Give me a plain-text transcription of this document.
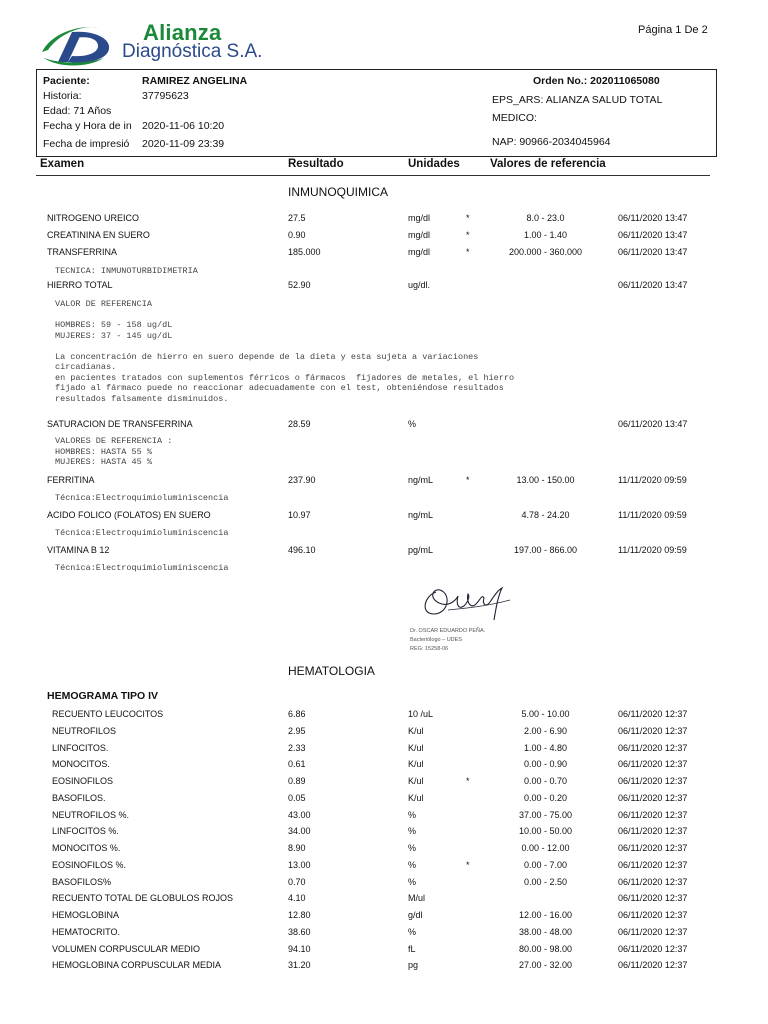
Alianza
Diagnóstica S.A.
Página 1 De 2
Paciente:	RAMIREZ ANGELINA
Historia:	37795623
Edad: 71 Años
Fecha y Hora de in 2020-11-06 10:20
Fecha de impresió 2020-11-09 23:39
Orden No.: 202011065080
EPS_ARS: ALIANZA SALUD TOTAL
MEDICO:
NAP: 90966-2034045964
Examen	Resultado	Unidades	Valores de referencia
INMUNOQUIMICA
NITROGENO UREICO	27.5	mg/dl	*	8.0 - 23.0	06/11/2020 13:47
CREATININA EN SUERO	0.90	mg/dl	*	1.00 - 1.40	06/11/2020 13:47
TRANSFERRINA	185.000	mg/dl	*	200.000 - 360.000	06/11/2020 13:47
HIERRO TOTAL	52.90	ug/dl.	06/11/2020 13:47
SATURACION DE TRANSFERRINA	28.59	%	06/11/2020 13:47
FERRITINA	237.90	ng/mL	*	13.00 - 150.00	11/11/2020 09:59
ACIDO FOLICO (FOLATOS) EN SUERO	10.97	ng/mL	4.78 - 24.20	11/11/2020 09:59
VITAMINA B 12	496.10	pg/mL	197.00 - 866.00	11/11/2020 09:59
TECNICA: INMUNOTURBIDIMETRIA
VALOR DE REFERENCIA

HOMBRES: 59 - 158 ug/dL
MUJERES: 37 - 145 ug/dL

La concentración de hierro en suero depende de la dieta y esta sujeta a variaciones
circadianas.
en pacientes tratados con suplementos férricos o fármacos  fijadores de metales, el hierro
fijado al fármaco puede no reaccionar adecuadamente con el test, obteniéndose resultados
resultados falsamente disminuidos.
VALORES DE REFERENCIA :
HOMBRES: HASTA 55 %
MUJERES: HASTA 45 %
Técnica:Electroquimioluminiscencia
Técnica:Electroquimioluminiscencia
Técnica:Electroquimioluminiscencia
Dr. OSCAR EDUARDO PEÑA.
Bacteriólogo – UDES
REG: 15258-06
HEMATOLOGIA
HEMOGRAMA TIPO IV
RECUENTO LEUCOCITOS	6.86	10 /uL	5.00 - 10.00	06/11/2020 12:37
NEUTROFILOS	2.95	K/ul	2.00 - 6.90	06/11/2020 12:37
LINFOCITOS.	2.33	K/ul	1.00 - 4.80	06/11/2020 12:37
MONOCITOS.	0.61	K/ul	0.00 - 0.90	06/11/2020 12:37
EOSINOFILOS	0.89	K/ul	*	0.00 - 0.70	06/11/2020 12:37
BASOFILOS.	0.05	K/ul	0.00 - 0.20	06/11/2020 12:37
NEUTROFILOS %.	43.00	%	37.00 - 75.00	06/11/2020 12:37
LINFOCITOS %.	34.00	%	10.00 - 50.00	06/11/2020 12:37
MONOCITOS %.	8.90	%	0.00 - 12.00	06/11/2020 12:37
EOSINOFILOS %.	13.00	%	*	0.00 - 7.00	06/11/2020 12:37
BASOFILOS%	0.70	%	0.00 - 2.50	06/11/2020 12:37
RECUENTO TOTAL DE GLOBULOS ROJOS	4.10	M/ul	06/11/2020 12:37
HEMOGLOBINA	12.80	g/dl	12.00 - 16.00	06/11/2020 12:37
HEMATOCRITO.	38.60	%	38.00 - 48.00	06/11/2020 12:37
VOLUMEN CORPUSCULAR MEDIO	94.10	fL	80.00 - 98.00	06/11/2020 12:37
HEMOGLOBINA CORPUSCULAR MEDIA	31.20	pg	27.00 - 32.00	06/11/2020 12:37
